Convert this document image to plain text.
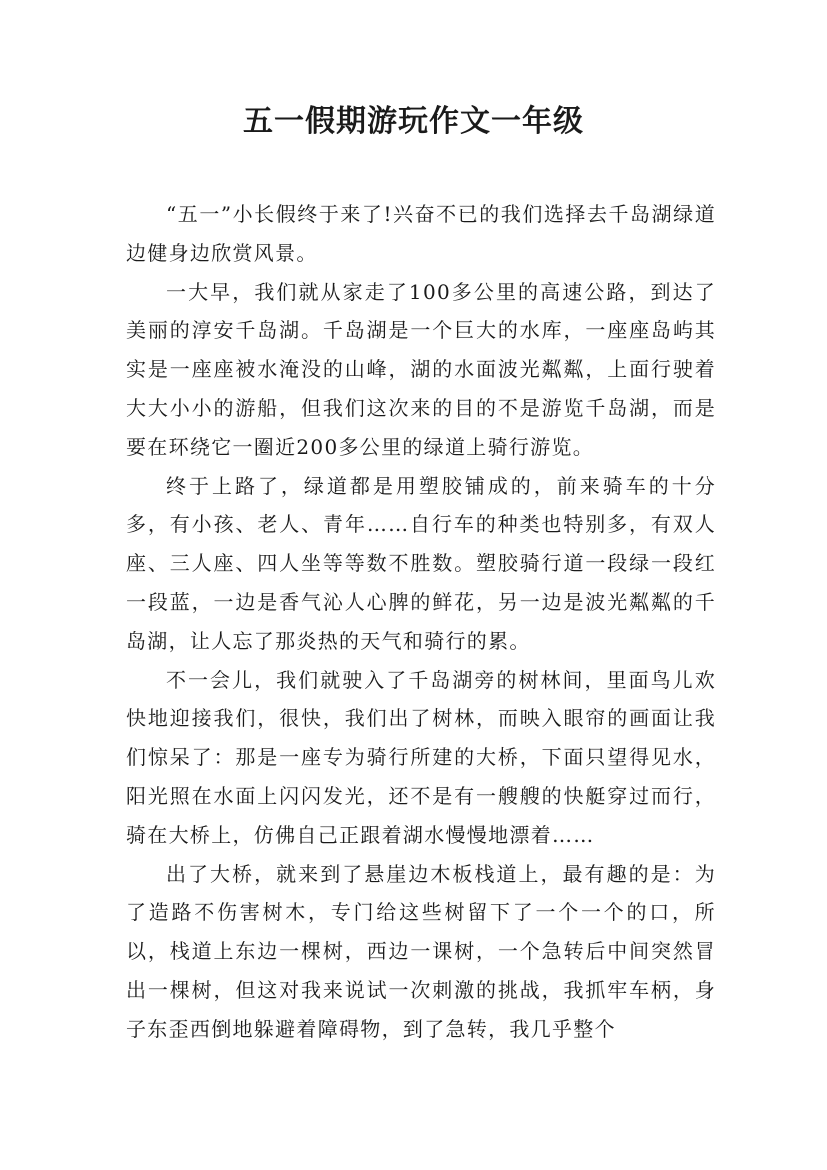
五一假期游玩作文一年级

“五一”小长假终于来了!兴奋不已的我们选择去千岛湖绿道边健身边欣赏风景。

一大早，我们就从家走了100多公里的高速公路，到达了美丽的淳安千岛湖。千岛湖是一个巨大的水库，一座座岛屿其实是一座座被水淹没的山峰，湖的水面波光粼粼，上面行驶着大大小小的游船，但我们这次来的目的不是游览千岛湖，而是要在环绕它一圈近200多公里的绿道上骑行游览。

终于上路了，绿道都是用塑胶铺成的，前来骑车的十分多，有小孩、老人、青年……自行车的种类也特别多，有双人座、三人座、四人坐等等数不胜数。塑胶骑行道一段绿一段红一段蓝，一边是香气沁人心脾的鲜花，另一边是波光粼粼的千岛湖，让人忘了那炎热的天气和骑行的累。

不一会儿，我们就驶入了千岛湖旁的树林间，里面鸟儿欢快地迎接我们，很快，我们出了树林，而映入眼帘的画面让我们惊呆了：那是一座专为骑行所建的大桥，下面只望得见水，阳光照在水面上闪闪发光，还不是有一艘艘的快艇穿过而行，骑在大桥上，仿佛自己正跟着湖水慢慢地漂着……

出了大桥，就来到了悬崖边木板栈道上，最有趣的是：为了造路不伤害树木，专门给这些树留下了一个一个的口，所以，栈道上东边一棵树，西边一课树，一个急转后中间突然冒出一棵树，但这对我来说试一次刺激的挑战，我抓牢车柄，身子东歪西倒地躲避着障碍物，到了急转，我几乎整个
